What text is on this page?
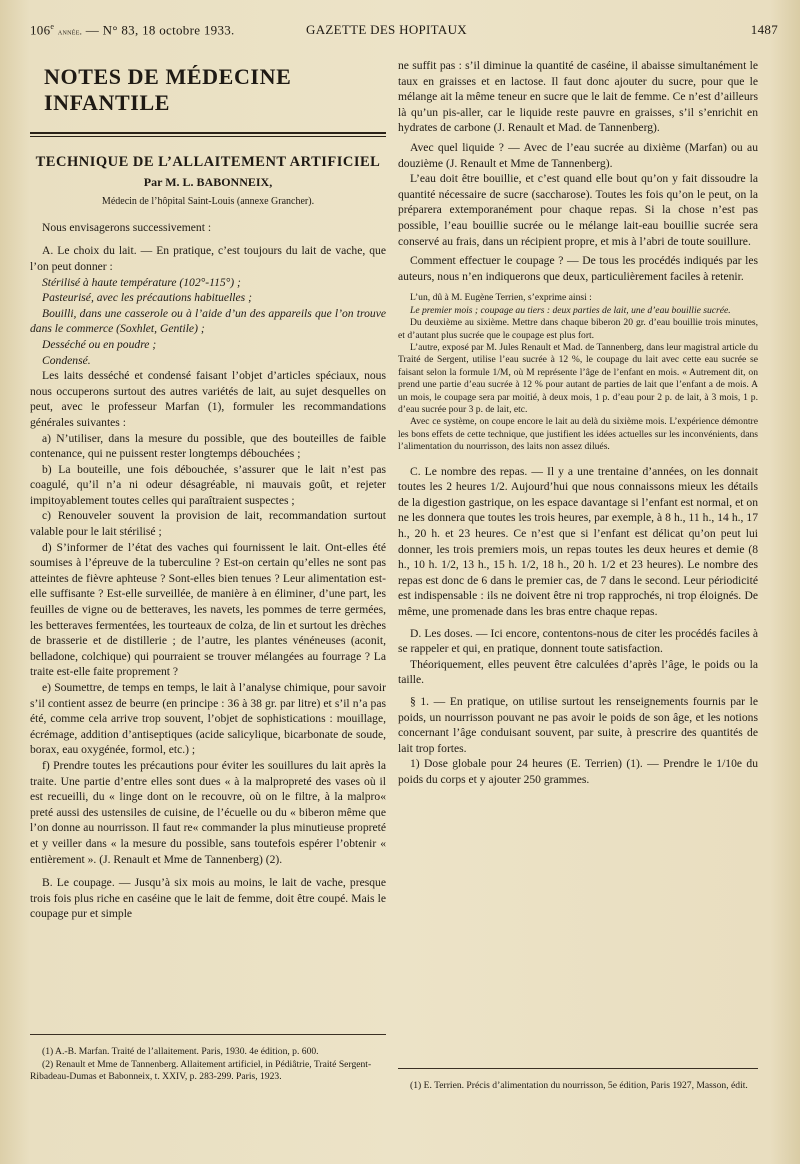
106e année. — N° 83, 18 octobre 1933.	GAZETTE DES HOPITAUX	1487
NOTES DE MÉDECINE INFANTILE
TECHNIQUE DE L’ALLAITEMENT ARTIFICIEL
Par M. L. BABONNEIX,
Médecin de l’hôpital Saint-Louis (annexe Grancher).

Nous envisagerons successivement :

A. Le choix du lait. — En pratique, c’est toujours du lait de vache, que l’on peut donner :

Stérilisé à haute température (102°-115°) ;

Pasteurisé, avec les précautions habituelles ;

Bouilli, dans une casserole ou à l’aide d’un des appareils que l’on trouve dans le commerce (Soxhlet, Gentile) ;

Desséché ou en poudre ;

Condensé.

Les laits desséché et condensé faisant l’objet d’articles spéciaux, nous nous occuperons surtout des autres variétés de lait, au sujet desquelles on peut, avec le professeur Marfan (1), formuler les recommandations générales suivantes :

a) N’utiliser, dans la mesure du possible, que des bouteilles de faible contenance, qui ne puissent rester longtemps débouchées ;

b) La bouteille, une fois débouchée, s’assurer que le lait n’est pas coagulé, qu’il n’a ni odeur désagréable, ni mauvais goût, et rejeter impitoyablement toutes celles qui paraîtraient suspectes ;

c) Renouveler souvent la provision de lait, recommandation surtout valable pour le lait stérilisé ;

d) S’informer de l’état des vaches qui fournissent le lait. Ont-elles été soumises à l’épreuve de la tuberculine ? Est-on certain qu’elles ne sont pas atteintes de fièvre aphteuse ? Sont-elles bien tenues ? Leur alimentation est-elle suffisante ? Est-elle surveillée, de manière à en éliminer, d’une part, les feuilles de vigne ou de betteraves, les navets, les pommes de terre germées, les betteraves fermentées, les tourteaux de colza, de lin et surtout les drèches de brasserie et de distillerie ; de l’autre, les plantes vénéneuses (aconit, belladone, colchique) qui pourraient se trouver mélangées au fourrage ? La traite est-elle faite proprement ?

e) Soumettre, de temps en temps, le lait à l’analyse chimique, pour savoir s’il contient assez de beurre (en principe : 36 à 38 gr. par litre) et s’il n’a pas été, comme cela arrive trop souvent, l’objet de sophistications : mouillage, écrémage, addition d’antiseptiques (acide salicylique, bicarbonate de soude, borax, eau oxygénée, formol, etc.) ;

f) Prendre toutes les précautions pour éviter les souillures du lait après la traite. Une partie d’entre elles sont dues « à la malpropreté des vases où il est recueilli, du « linge dont on le recouvre, où on le filtre, à la malpro« preté aussi des ustensiles de cuisine, de l’écuelle ou du « biberon même que l’on donne au nourrisson. Il faut re« commander la plus minutieuse propreté et y veiller dans « la mesure du possible, sans toutefois espérer l’obtenir « entièrement ». (J. Renault et Mme de Tannenberg) (2).

B. Le coupage. — Jusqu’à six mois au moins, le lait de vache, presque trois fois plus riche en caséine que le lait de femme, doit être coupé. Mais le coupage pur et simple

(1) A.-B. Marfan. Traité de l’allaitement. Paris, 1930. 4e édition, p. 600.

(2) Renault et Mme de Tannenberg. Allaitement artificiel, in Pédiâtrie, Traité Sergent-Ribadeau-Dumas et Babonneix, t. XXIV, p. 283-299. Paris, 1923.

ne suffit pas : s’il diminue la quantité de caséine, il abaisse simultanément le taux en graisses et en lactose. Il faut donc ajouter du sucre, pour que le mélange ait la même teneur en sucre que le lait de femme. Ce n’est d’ailleurs là qu’un pis-aller, car le liquide reste pauvre en graisses, s’il s’enrichit en hydrates de carbone (J. Renault et Mad. de Tannenberg).

Avec quel liquide ? — Avec de l’eau sucrée au dixième (Marfan) ou au douzième (J. Renault et Mme de Tannenberg).

L’eau doit être bouillie, et c’est quand elle bout qu’on y fait dissoudre la quantité nécessaire de sucre (saccharose). Toutes les fois qu’on le peut, on la préparera extemporanément pour chaque repas. Si la chose n’est pas possible, l’eau bouillie sucrée ou le mélange lait-eau bouillie sucrée sera conservé au frais, dans un récipient propre, et mis à l’abri de toute souillure.

Comment effectuer le coupage ? — De tous les procédés indiqués par les auteurs, nous n’en indiquerons que deux, particulièrement faciles à retenir.

L’un, dû à M. Eugène Terrien, s’exprime ainsi :

Le premier mois ; coupage au tiers : deux parties de lait, une d’eau bouillie sucrée.

Du deuxième au sixième. Mettre dans chaque biberon 20 gr. d’eau bouillie trois minutes, et d’autant plus sucrée que le coupage est plus fort.

L’autre, exposé par M. Jules Renault et Mad. de Tannenberg, dans leur magistral article du Traité de Sergent, utilise l’eau sucrée à 12 %, le coupage du lait avec cette eau sucrée se faisant selon la formule 1/M, où M représente l’âge de l’enfant en mois. « Autrement dit, on prend une partie d’eau sucrée à 12 % pour autant de parties de lait que l’enfant a de mois. A un mois, le coupage sera par moitié, à deux mois, 1 p. d’eau pour 2 p. de lait, à 3 mois, 1 p. d’eau sucrée pour 3 p. de lait, etc.

Avec ce système, on coupe encore le lait au delà du sixième mois. L’expérience démontre les bons effets de cette technique, que justifient les idées actuelles sur les inconvénients, dans l’alimentation du nourrisson, des laits non assez dilués.

C. Le nombre des repas. — Il y a une trentaine d’années, on les donnait toutes les 2 heures 1/2. Aujourd’hui que nous connaissons mieux les détails de la digestion gastrique, on les espace davantage si l’enfant est normal, et on ne les donnera que toutes les trois heures, par exemple, à 8 h., 11 h., 14 h., 17 h., 20 h. et 23 heures. Ce n’est que si l’enfant est délicat qu’on peut lui donner, les trois premiers mois, un repas toutes les deux heures et demie (8 h., 10 h. 1/2, 13 h., 15 h. 1/2, 18 h., 20 h. 1/2 et 23 heures). Le nombre des repas est donc de 6 dans le premier cas, de 7 dans le second. Leur périodicité est indispensable : ils ne doivent être ni trop rapprochés, ni trop éloignés. De même, une promenade dans les bras entre chaque repas.

D. Les doses. — Ici encore, contentons-nous de citer les procédés faciles à se rappeler et qui, en pratique, donnent toute satisfaction.

Théoriquement, elles peuvent être calculées d’après l’âge, le poids ou la taille.

§ 1. — En pratique, on utilise surtout les renseignements fournis par le poids, un nourrisson pouvant ne pas avoir le poids de son âge, et les notions concernant l’âge conduisant souvent, par suite, à prescrire des quantités de lait trop fortes.

1) Dose globale pour 24 heures (E. Terrien) (1). — Prendre le 1/10e du poids du corps et y ajouter 250 grammes.

(1) E. Terrien. Précis d’alimentation du nourrisson, 5e édition, Paris 1927, Masson, édit.
